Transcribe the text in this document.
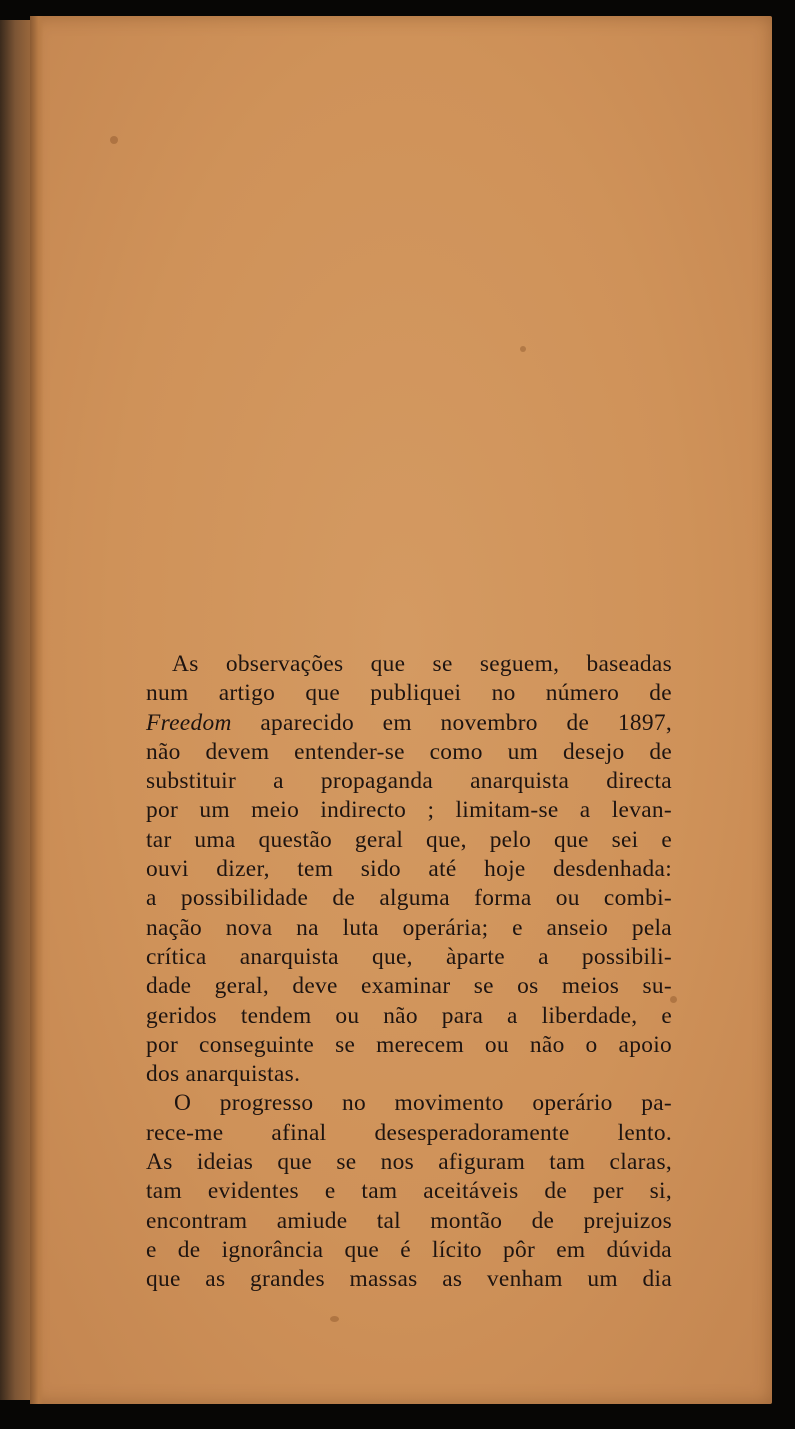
As observações que se seguem, baseadas
num artigo que publiquei no número de
Freedom aparecido em novembro de 1897,
não devem entender-se como um desejo de
substituir a propaganda anarquista directa
por um meio indirecto ; limitam-se a levan-
tar uma questão geral que, pelo que sei e
ouvi dizer, tem sido até hoje desdenhada:
a possibilidade de alguma forma ou combi-
nação nova na luta operária; e anseio pela
crítica anarquista que, àparte a possibili-
dade geral, deve examinar se os meios su-
geridos tendem ou não para a liberdade, e
por conseguinte se merecem ou não o apoio
dos anarquistas.
O progresso no movimento operário pa-
rece-me afinal desesperadoramente lento.
As ideias que se nos afiguram tam claras,
tam evidentes e tam aceitáveis de per si,
encontram amiude tal montão de prejuizos
e de ignorância que é lícito pôr em dúvida
que as grandes massas as venham um dia
